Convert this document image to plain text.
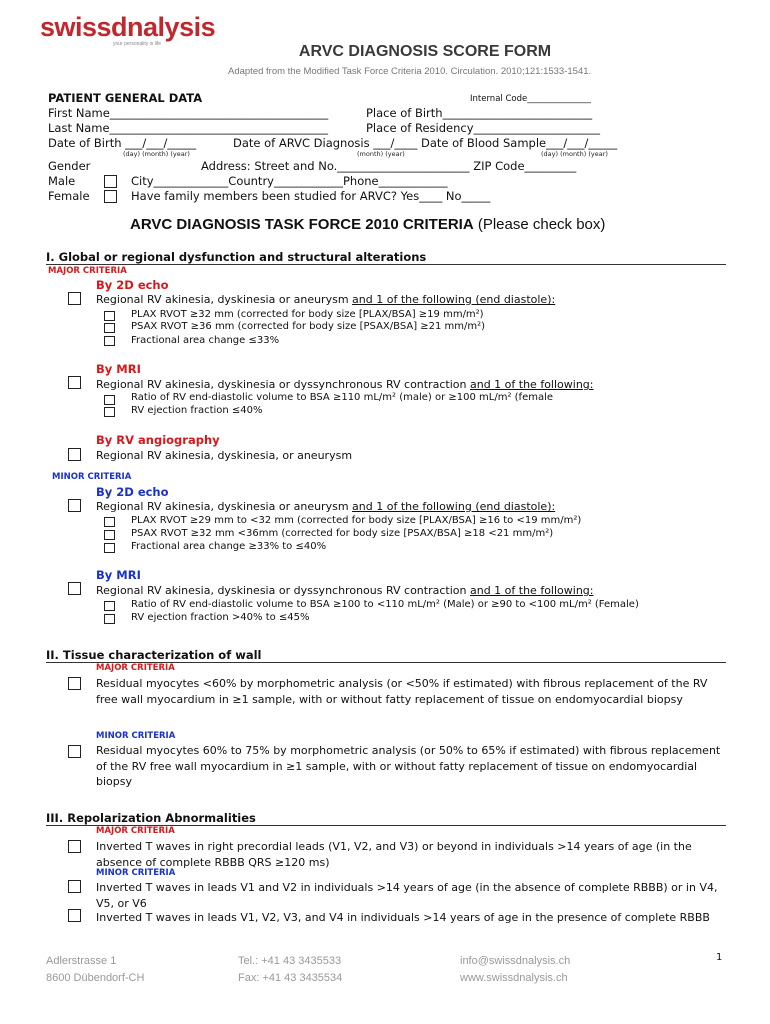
swissdnalysis
your personality is life	ARVC DIAGNOSIS SCORE FORM
Adapted from the Modified Task Force Criteria 2010. Circulation. 2010;121:1533-1541.
PATIENT GENERAL DATA	Internal Code_______________
First Name______________________________________	Place of Birth__________________________
Last Name______________________________________	Place of Residency______________________
Date of Birth ___/___/_____	Date of ARVC Diagnosis ___/____ Date of Blood Sample___/___/_____
(day) (month) (year)	(month) (year)	(day) (month) (year)
Gender	Address: Street and No._______________________ ZIP Code_________
Male	City_____________Country____________Phone____________
Female	Have family members been studied for ARVC? Yes____ No_____
ARVC DIAGNOSIS TASK FORCE 2010 CRITERIA (Please check box)
I. Global or regional dysfunction and structural alterations
MAJOR CRITERIA
By 2D echo
Regional RV akinesia, dyskinesia or aneurysm and 1 of the following (end diastole):
PLAX RVOT ≥32 mm (corrected for body size [PLAX/BSA] ≥19 mm/m²)
PSAX RVOT ≥36 mm (corrected for body size [PSAX/BSA] ≥21 mm/m²)
Fractional area change ≤33%
By MRI
Regional RV akinesia, dyskinesia or dyssynchronous RV contraction and 1 of the following:
Ratio of RV end-diastolic volume to BSA ≥110 mL/m² (male) or ≥100 mL/m² (female
RV ejection fraction ≤40%
By RV angiography
Regional RV akinesia, dyskinesia, or aneurysm
MINOR CRITERIA
By 2D echo
Regional RV akinesia, dyskinesia or aneurysm and 1 of the following (end diastole):
PLAX RVOT ≥29 mm to <32 mm (corrected for body size [PLAX/BSA] ≥16 to <19 mm/m²)
PSAX RVOT ≥32 mm <36mm (corrected for body size [PSAX/BSA] ≥18 <21 mm/m²)
Fractional area change ≥33% to ≤40%
By MRI
Regional RV akinesia, dyskinesia or dyssynchronous RV contraction and 1 of the following:
Ratio of RV end-diastolic volume to BSA ≥100 to <110 mL/m² (Male) or ≥90 to <100 mL/m² (Female)
RV ejection fraction >40% to ≤45%
II. Tissue characterization of wall
MAJOR CRITERIA
Residual myocytes <60% by morphometric analysis (or <50% if estimated) with fibrous replacement of the RV free wall myocardium in ≥1 sample, with or without fatty replacement of tissue on endomyocardial biopsy
MINOR CRITERIA
Residual myocytes 60% to 75% by morphometric analysis (or 50% to 65% if estimated) with fibrous replacement of the RV free wall myocardium in ≥1 sample, with or without fatty replacement of tissue on endomyocardial biopsy
III. Repolarization Abnormalities
MAJOR CRITERIA
Inverted T waves in right precordial leads (V1, V2, and V3) or beyond in individuals >14 years of age (in the absence of complete RBBB QRS ≥120 ms)
MINOR CRITERIA
Inverted T waves in leads V1 and V2 in individuals >14 years of age (in the absence of complete RBBB) or in V4, V5, or V6
Inverted T waves in leads V1, V2, V3, and V4 in individuals >14 years of age in the presence of complete RBBB
Adlerstrasse 1
8600 Dübendorf-CH
Tel.: +41 43 3435533
Fax: +41 43 3435534
info@swissdnalysis.ch
www.swissdnalysis.ch
1
